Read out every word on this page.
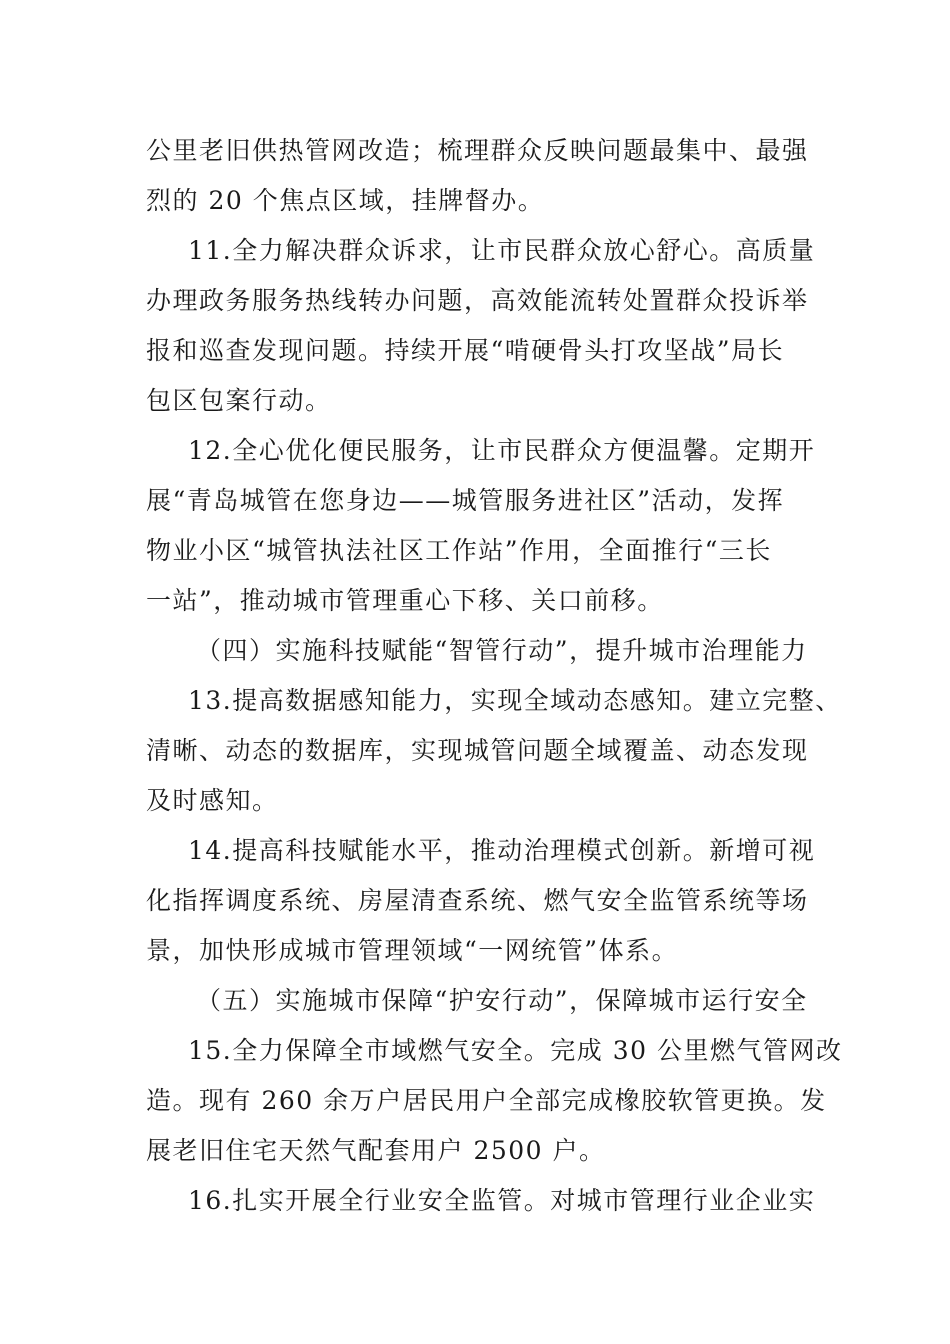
公里老旧供热管网改造；梳理群众反映问题最集中、最强
烈的 20 个焦点区域，挂牌督办。
11.全力解决群众诉求，让市民群众放心舒心。高质量
办理政务服务热线转办问题，高效能流转处置群众投诉举
报和巡查发现问题。持续开展“啃硬骨头打攻坚战”局长
包区包案行动。
12.全心优化便民服务，让市民群众方便温馨。定期开
展“青岛城管在您身边——城管服务进社区”活动，发挥
物业小区“城管执法社区工作站”作用，全面推行“三长
一站”，推动城市管理重心下移、关口前移。
（四）实施科技赋能“智管行动”，提升城市治理能力
13.提高数据感知能力，实现全域动态感知。建立完整、
清晰、动态的数据库，实现城管问题全域覆盖、动态发现
及时感知。
14.提高科技赋能水平，推动治理模式创新。新增可视
化指挥调度系统、房屋清查系统、燃气安全监管系统等场
景，加快形成城市管理领域“一网统管”体系。
（五）实施城市保障“护安行动”，保障城市运行安全
15.全力保障全市域燃气安全。完成 30 公里燃气管网改
造。现有 260 余万户居民用户全部完成橡胶软管更换。发
展老旧住宅天然气配套用户 2500 户。
16.扎实开展全行业安全监管。对城市管理行业企业实
